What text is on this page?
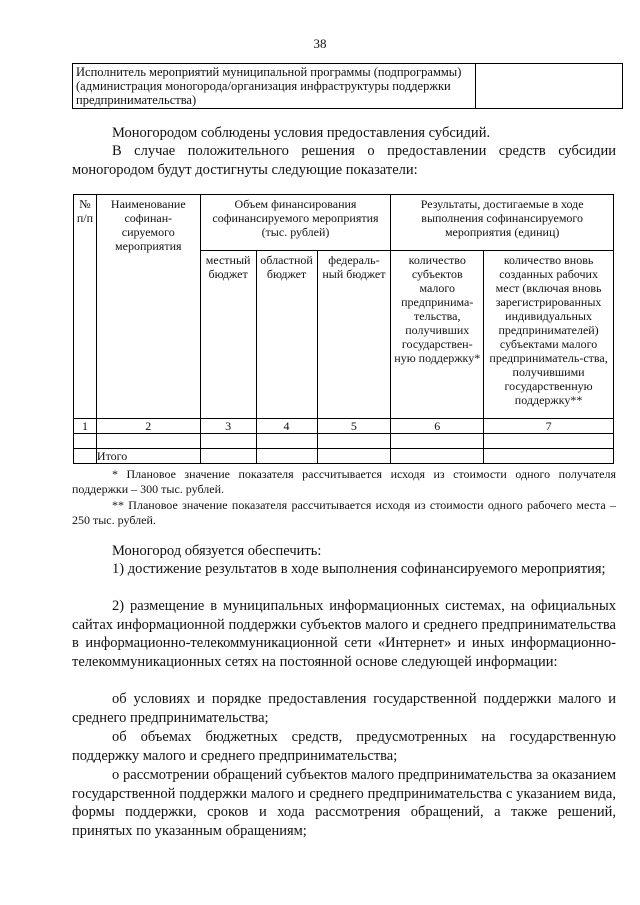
38
Исполнитель мероприятий муниципальной программы (подпрограммы) (администрация моногорода/организация инфраструктуры поддержки предпринимательства)	
Моногородом соблюдены условия предоставления субсидий.
В случае положительного решения о предоставлении средств субсидии моногородом будут достигнуты следующие показатели:
№ п/п	Наименование софинан-сируемого мероприятия	Объем финансирования софинансируемого мероприятия (тыс. рублей)			Результаты, достигаемые в ходе выполнения софинансируемого мероприятия (единиц)	
		местный бюджет	областной бюджет	федераль-ный бюджет	количество субъектов малого предпринима-тельства, получивших государствен-ную поддержку*	количество вновь созданных рабочих мест (включая вновь зарегистрированных индивидуальных предпринимателей) субъектами малого предприниматель-ства, получившими государственную поддержку**
1	2	3	4	5	6	7

	Итого					
* Плановое значение показателя рассчитывается исходя из стоимости одного получателя поддержки – 300 тыс. рублей.
** Плановое значение показателя рассчитывается исходя из стоимости одного рабочего места – 250 тыс. рублей.
Моногород обязуется обеспечить:
1) достижение результатов в ходе выполнения софинансируемого мероприятия;
2) размещение в муниципальных информационных системах, на официальных сайтах информационной поддержки субъектов малого и среднего предпринимательства в информационно-телекоммуникационной сети «Интернет» и иных информационно-телекоммуникационных сетях на постоянной основе следующей информации:
об условиях и порядке предоставления государственной поддержки малого и среднего предпринимательства;
об объемах бюджетных средств, предусмотренных на государственную поддержку малого и среднего предпринимательства;
о рассмотрении обращений субъектов малого предпринимательства за оказанием государственной поддержки малого и среднего предпринимательства с указанием вида, формы поддержки, сроков и хода рассмотрения обращений, а также решений, принятых по указанным обращениям;
